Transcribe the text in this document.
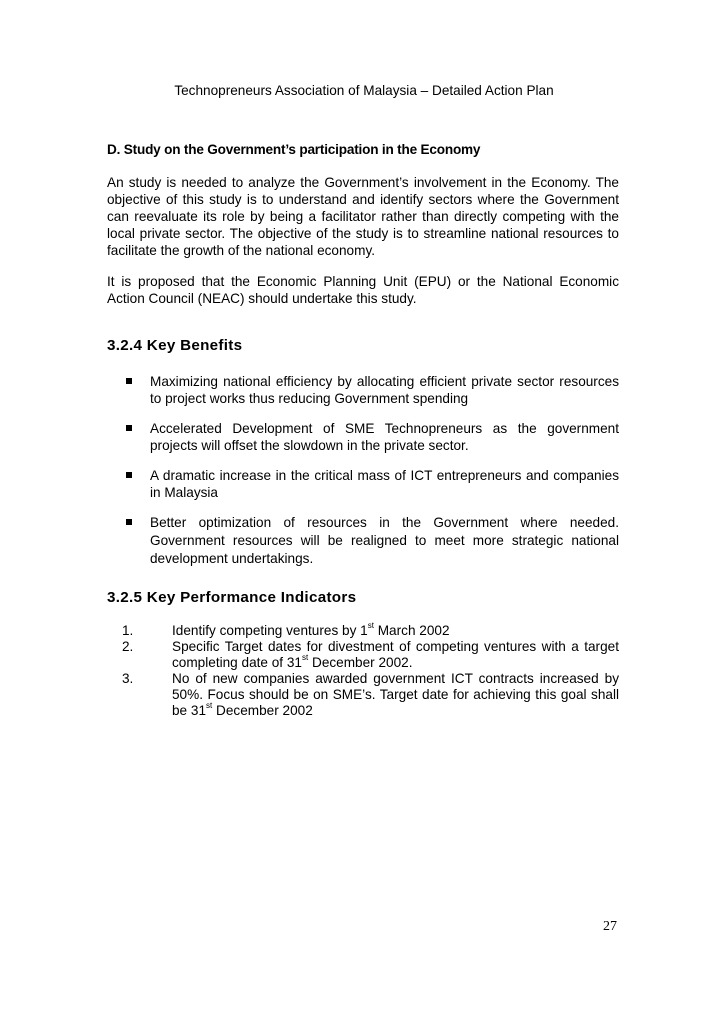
Technopreneurs Association of Malaysia – Detailed Action Plan
D. Study on the Government’s participation in the Economy
An study is needed to analyze the Government’s involvement in the Economy. The objective of this study is to understand and identify sectors where the Government can reevaluate its role by being a facilitator rather than directly competing with the local private sector. The objective of the study is to streamline national resources to facilitate the growth of the national economy.
It is proposed that the Economic Planning Unit (EPU) or the National Economic Action Council (NEAC) should undertake this study.
3.2.4 Key Benefits
Maximizing national efficiency by allocating efficient private sector resources to project works thus reducing Government spending
Accelerated Development of SME Technopreneurs as the government projects will offset the slowdown in the private sector.
A dramatic increase in the critical mass of ICT entrepreneurs and companies in Malaysia
Better optimization of resources in the Government where needed. Government resources will be realigned to meet more strategic national development undertakings.
3.2.5 Key Performance Indicators
1.	Identify competing ventures by 1st March 2002
2.	Specific Target dates for divestment of competing ventures with a target completing date of 31st December 2002.
3.	No of new companies awarded government ICT contracts increased by 50%. Focus should be on SME’s. Target date for achieving this goal shall be 31st December 2002
27
